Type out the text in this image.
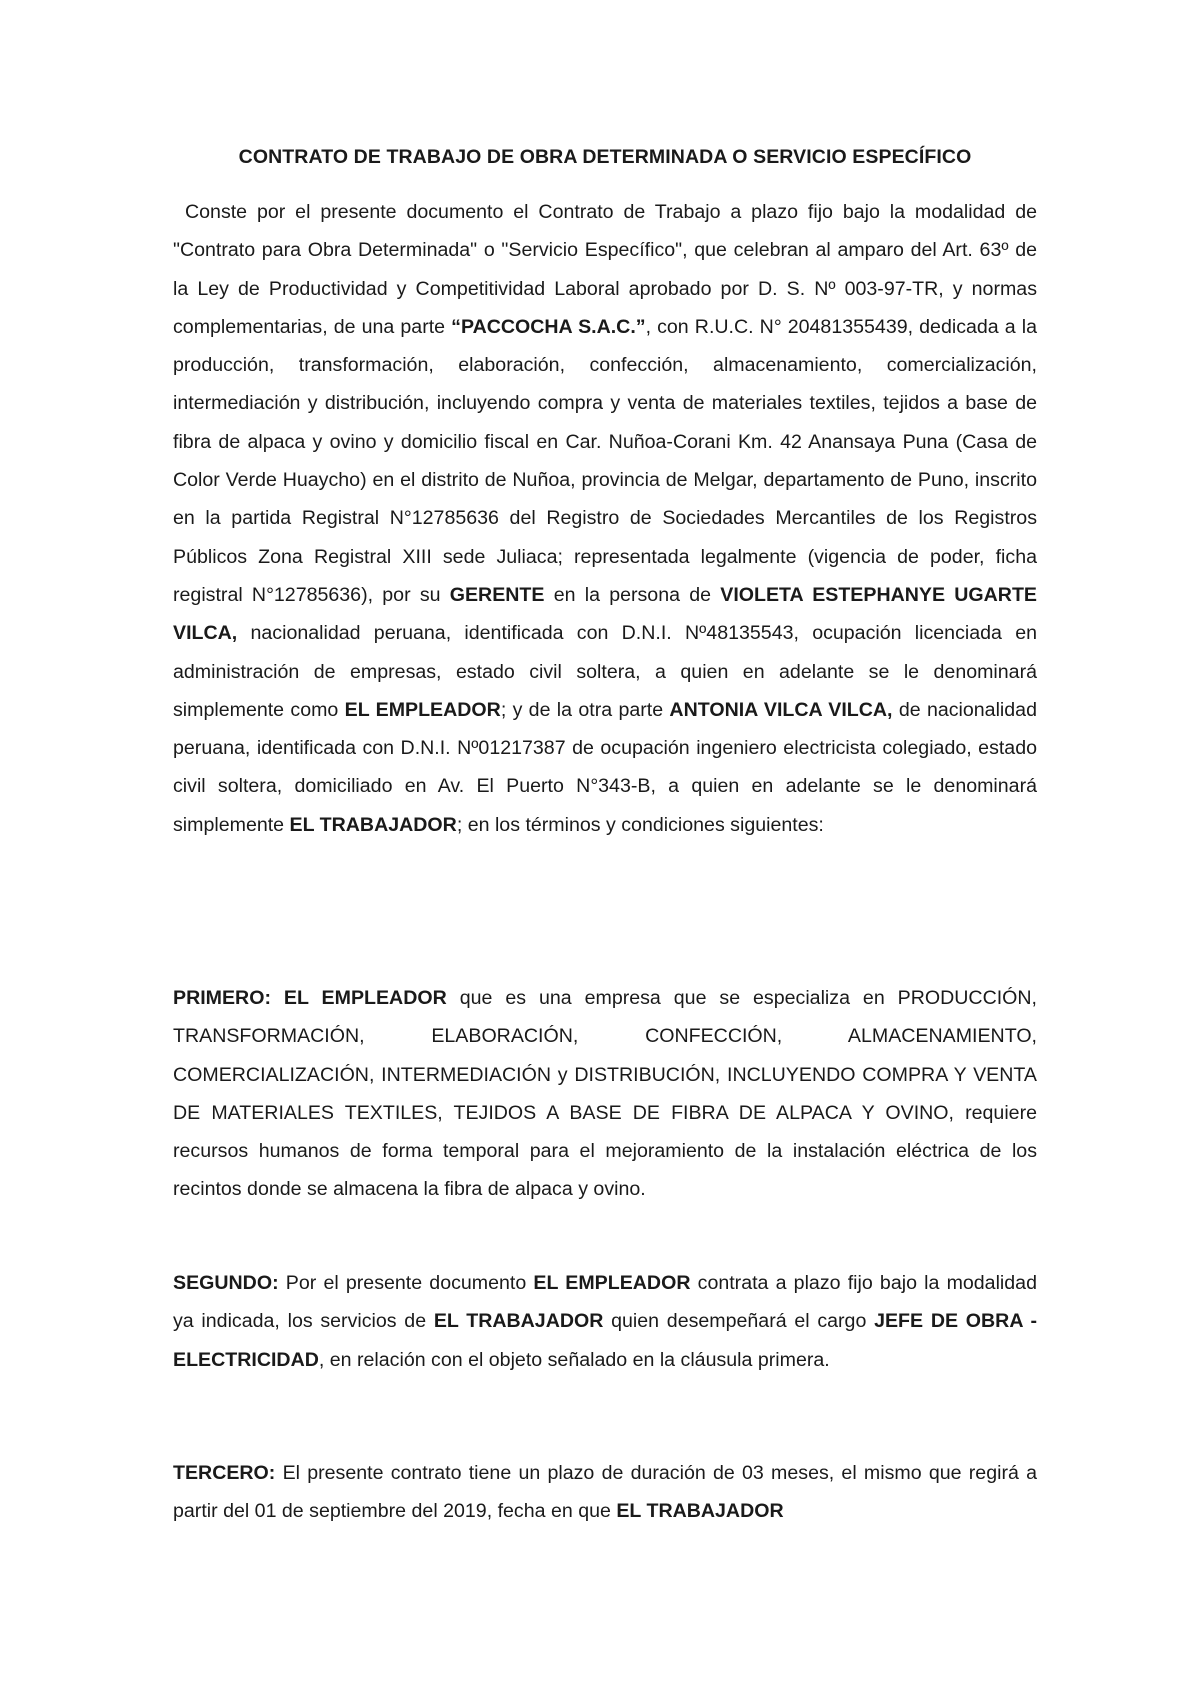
CONTRATO DE TRABAJO DE OBRA DETERMINADA O SERVICIO ESPECÍFICO

Conste por el presente documento el Contrato de Trabajo a plazo fijo bajo la modalidad de "Contrato para Obra Determinada" o "Servicio Específico", que celebran al amparo del Art. 63º de la Ley de Productividad y Competitividad Laboral aprobado por D. S. Nº 003-97-TR, y normas complementarias, de una parte “PACCOCHA S.A.C.”, con R.U.C. N° 20481355439, dedicada a la producción, transformación, elaboración, confección, almacenamiento, comercialización, intermediación y distribución, incluyendo compra y venta de materiales textiles, tejidos a base de fibra de alpaca y ovino y domicilio fiscal en Car. Nuñoa-Corani Km. 42 Anansaya Puna (Casa de Color Verde Huaycho) en el distrito de Nuñoa, provincia de Melgar, departamento de Puno, inscrito en la partida Registral N°12785636 del Registro de Sociedades Mercantiles de los Registros Públicos Zona Registral XIII sede Juliaca; representada legalmente (vigencia de poder, ficha registral N°12785636), por su GERENTE en la persona de VIOLETA ESTEPHANYE UGARTE VILCA, nacionalidad peruana, identificada con D.N.I. Nº48135543, ocupación licenciada en administración de empresas, estado civil soltera, a quien en adelante se le denominará simplemente como EL EMPLEADOR; y de la otra parte ANTONIA VILCA VILCA, de nacionalidad peruana, identificada con D.N.I. Nº01217387 de ocupación ingeniero electricista colegiado, estado civil soltera, domiciliado en Av. El Puerto N°343-B, a quien en adelante se le denominará simplemente EL TRABAJADOR; en los términos y condiciones siguientes:

PRIMERO: EL EMPLEADOR que es una empresa que se especializa en PRODUCCIÓN, TRANSFORMACIÓN, ELABORACIÓN, CONFECCIÓN, ALMACENAMIENTO, COMERCIALIZACIÓN, INTERMEDIACIÓN y DISTRIBUCIÓN, INCLUYENDO COMPRA Y VENTA DE MATERIALES TEXTILES, TEJIDOS A BASE DE FIBRA DE ALPACA Y OVINO, requiere recursos humanos de forma temporal para el mejoramiento de la instalación eléctrica de los recintos donde se almacena la fibra de alpaca y ovino.

SEGUNDO: Por el presente documento EL EMPLEADOR contrata a plazo fijo bajo la modalidad ya indicada, los servicios de EL TRABAJADOR quien desempeñará el cargo JEFE DE OBRA - ELECTRICIDAD, en relación con el objeto señalado en la cláusula primera.

TERCERO: El presente contrato tiene un plazo de duración de 03 meses, el mismo que regirá a partir del 01 de septiembre del 2019, fecha en que EL TRABAJADOR
